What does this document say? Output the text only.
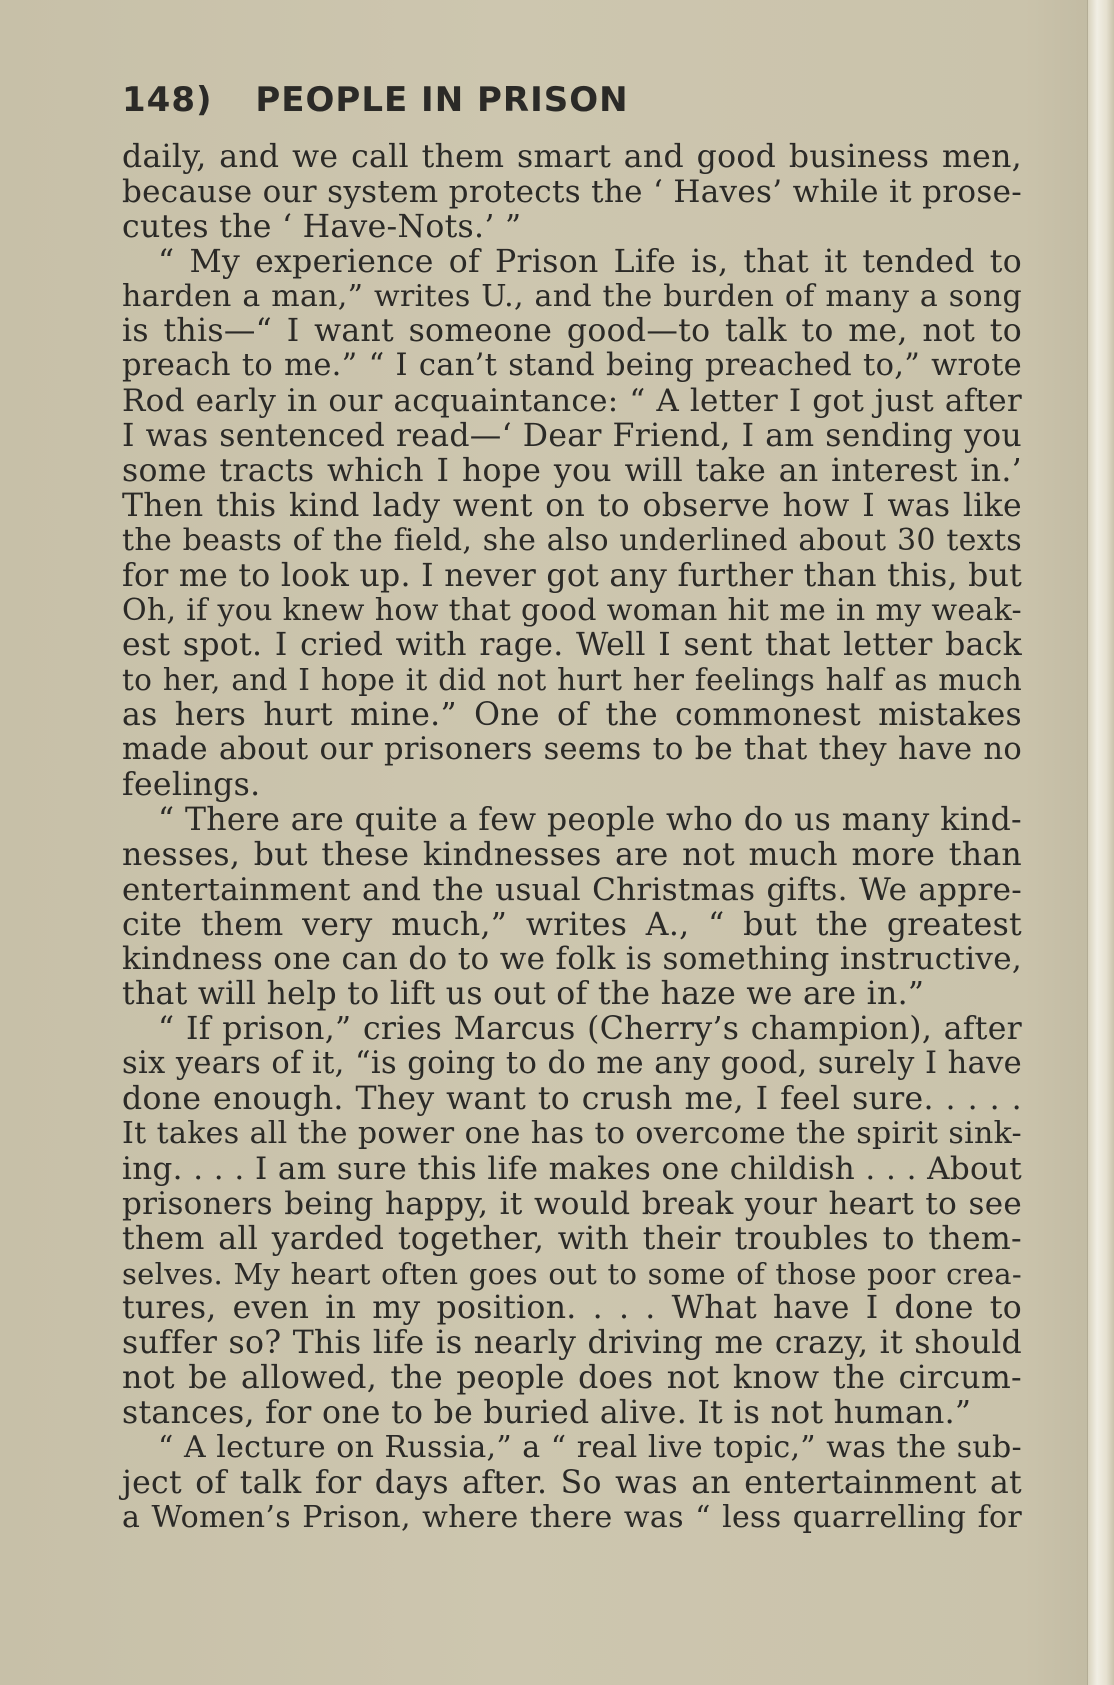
148) PEOPLE IN PRISON
daily, and we call them smart and good business men,
because our system protects the ‘ Haves’ while it prose-
cutes the ‘ Have-Nots.’ ”
“ My experience of Prison Life is, that it tended to
harden a man,” writes U., and the burden of many a song
is this—“ I want someone good—to talk to me, not to
preach to me.” “ I can’t stand being preached to,” wrote
Rod early in our acquaintance: “ A letter I got just after
I was sentenced read—‘ Dear Friend, I am sending you
some tracts which I hope you will take an interest in.’
Then this kind lady went on to observe how I was like
the beasts of the field, she also underlined about 30 texts
for me to look up. I never got any further than this, but
Oh, if you knew how that good woman hit me in my weak-
est spot. I cried with rage. Well I sent that letter back
to her, and I hope it did not hurt her feelings half as much
as hers hurt mine.” One of the commonest mistakes
made about our prisoners seems to be that they have no
feelings.
“ There are quite a few people who do us many kind-
nesses, but these kindnesses are not much more than
entertainment and the usual Christmas gifts. We appre-
cite them very much,” writes A., “ but the greatest
kindness one can do to we folk is something instructive,
that will help to lift us out of the haze we are in.”
“ If prison,” cries Marcus (Cherry’s champion), after
six years of it, “is going to do me any good, surely I have
done enough. They want to crush me, I feel sure. . . . .
It takes all the power one has to overcome the spirit sink-
ing. . . . I am sure this life makes one childish . . . About
prisoners being happy, it would break your heart to see
them all yarded together, with their troubles to them-
selves. My heart often goes out to some of those poor crea-
tures, even in my position. . . . What have I done to
suffer so? This life is nearly driving me crazy, it should
not be allowed, the people does not know the circum-
stances, for one to be buried alive. It is not human.”
“ A lecture on Russia,” a “ real live topic,” was the sub-
ject of talk for days after. So was an entertainment at
a Women’s Prison, where there was “ less quarrelling for
